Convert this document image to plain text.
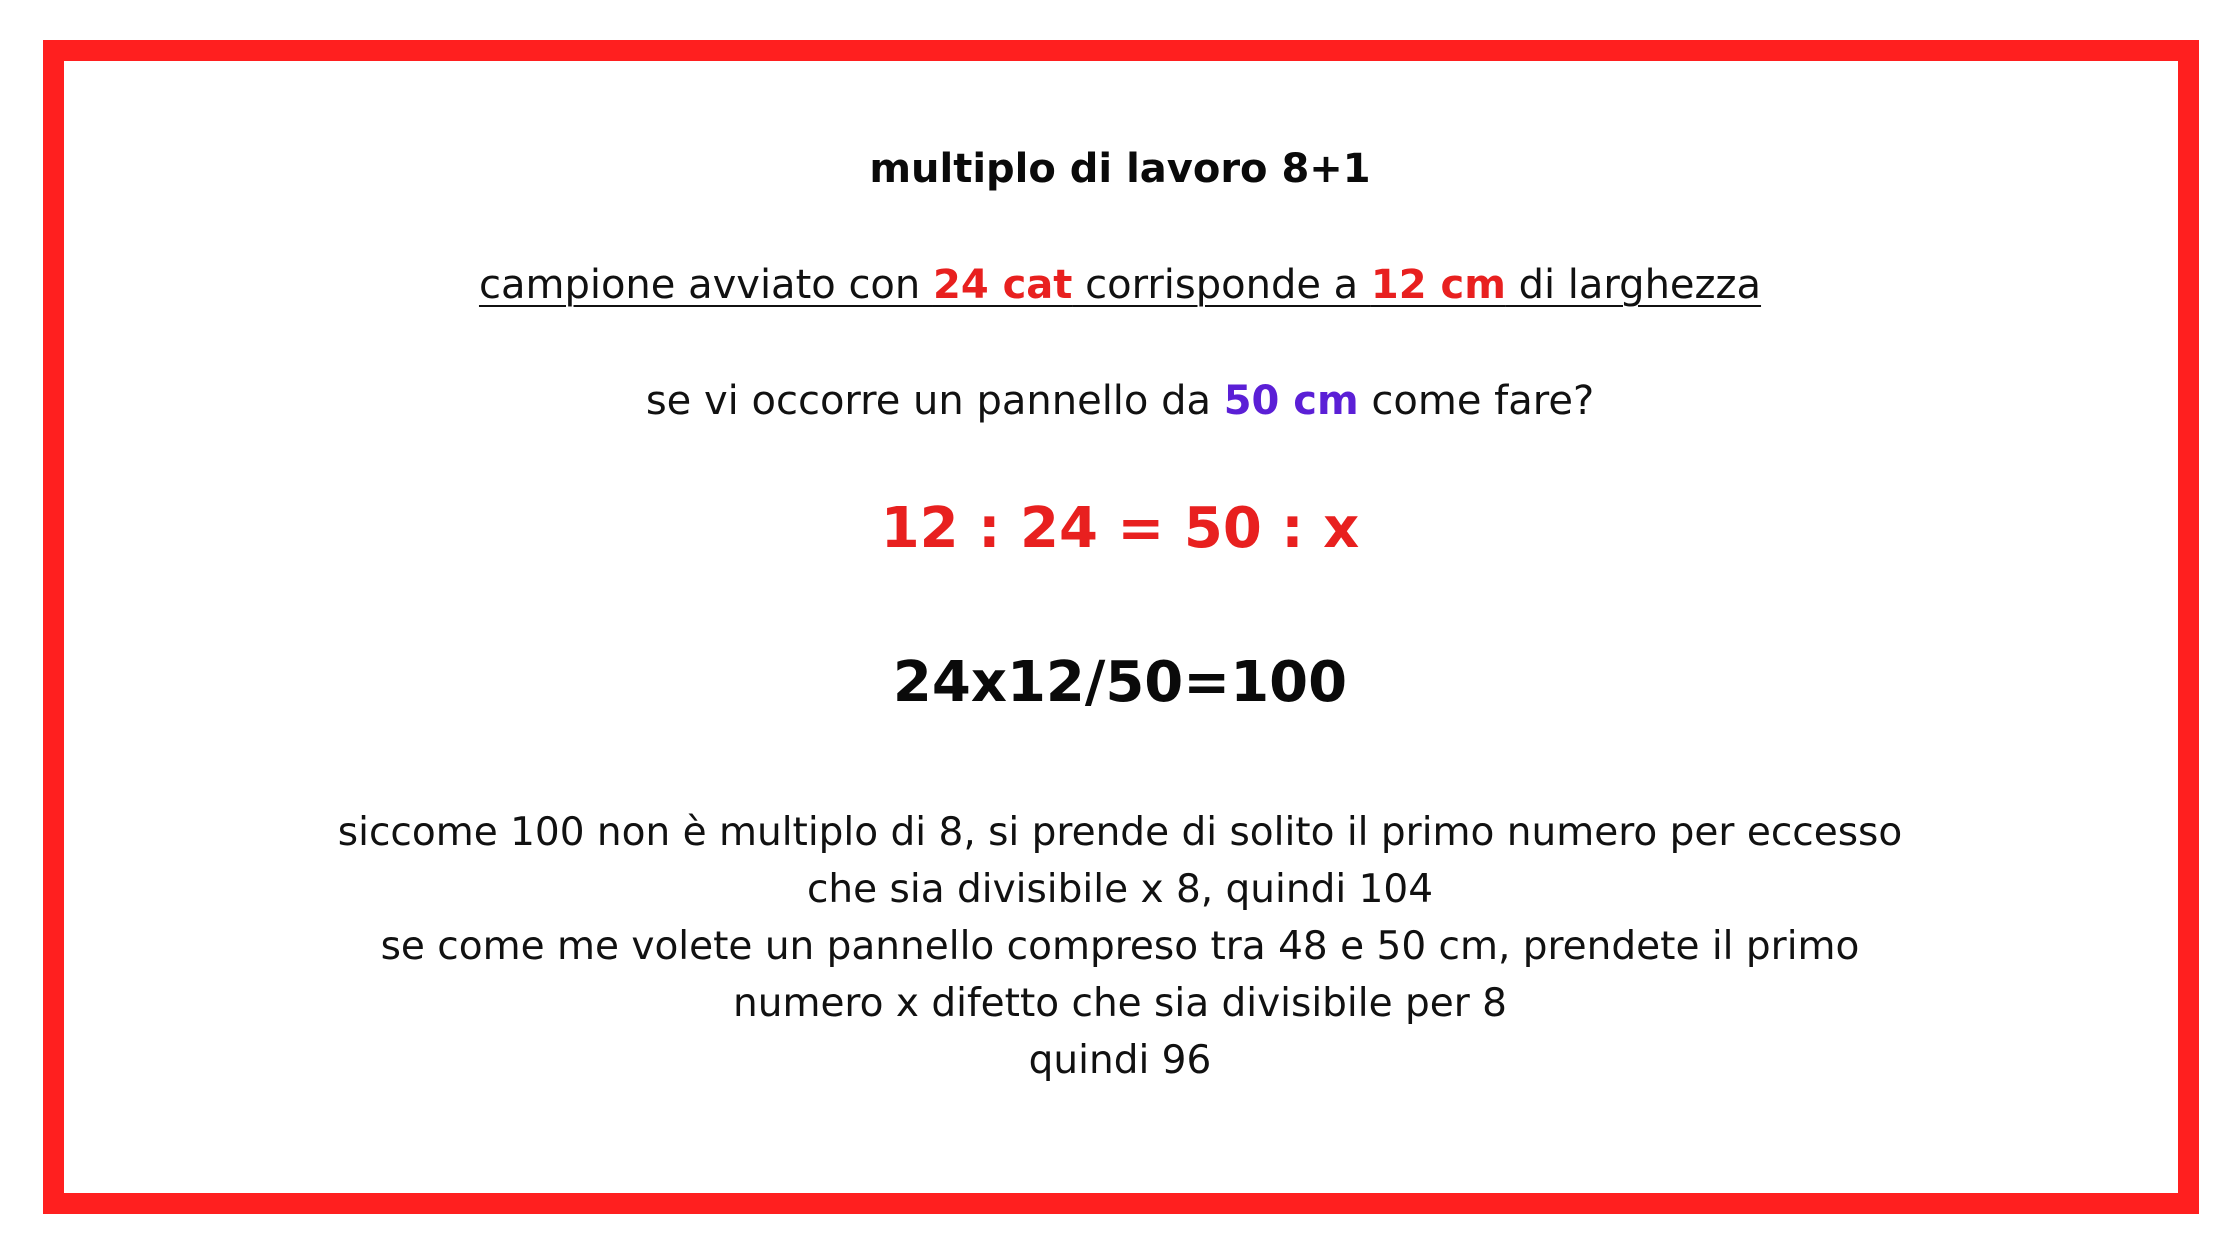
multiplo di lavoro 8+1
campione avviato con 24 cat corrisponde a 12 cm di larghezza
se vi occorre un pannello da 50 cm come fare?
12 : 24 = 50 : x
24x12/50=100
siccome 100 non è multiplo di 8, si prende di solito il primo numero per eccesso
che sia divisibile x 8, quindi 104
se come me volete un pannello compreso tra 48 e 50 cm, prendete il primo
numero x difetto che sia divisibile per 8
quindi 96
